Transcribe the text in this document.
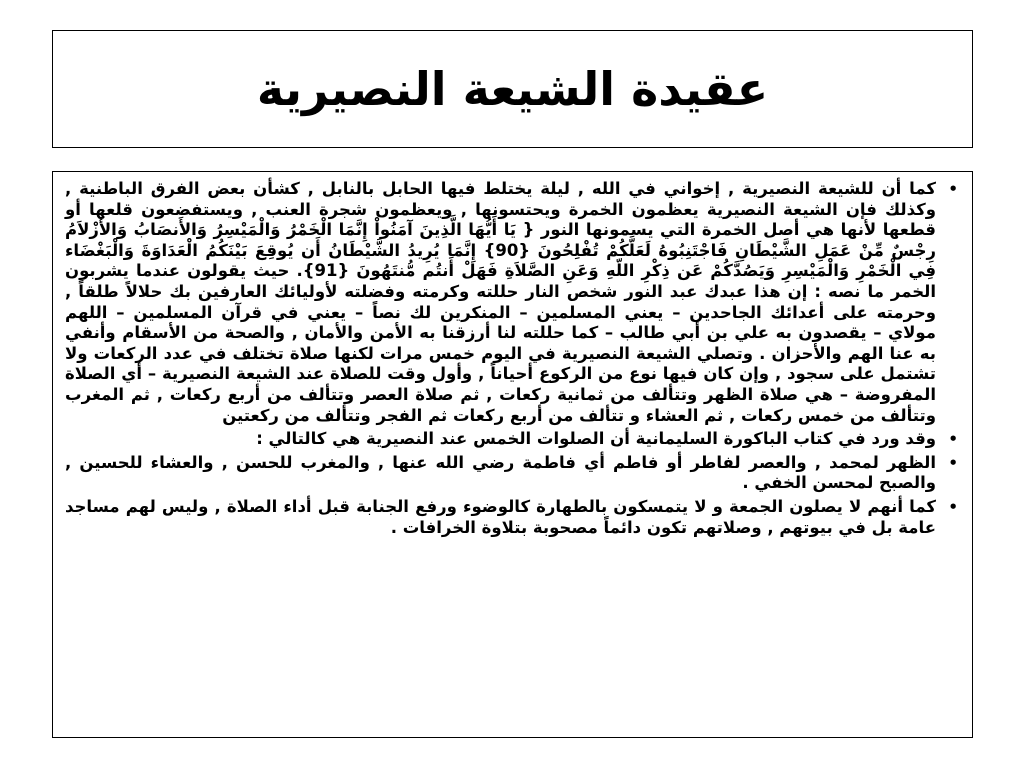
عقيدة الشيعة النصيرية
•
كما أن للشيعة النصيرية , إخواني في الله , ليلة يختلط فيها الحابل بالنابل , كشأن بعض الفرق الباطنية , وكذلك فإن الشيعة النصيرية يعظمون الخمرة ويحتسونها , ويعظمون شجرة العنب , ويستفضعون قلعها أو قطعها لأنها هي أصل الخمرة التي يسمونها النور { يَا أَيُّهَا الَّذِينَ آمَنُواْ إِنَّمَا الْخَمْرُ وَالْمَيْسِرُ وَالأَنصَابُ وَالأَزْلاَمُ رِجْسٌ مِّنْ عَمَلِ الشَّيْطَانِ فَاجْتَنِبُوهُ لَعَلَّكُمْ تُفْلِحُونَ {90} إِنَّمَا يُرِيدُ الشَّيْطَانُ أَن يُوقِعَ بَيْنَكُمُ الْعَدَاوَةَ وَالْبَغْضَاء فِي الْخَمْرِ وَالْمَيْسِرِ وَيَصُدَّكُمْ عَن ذِكْرِ اللّهِ وَعَنِ الصَّلاَةِ فَهَلْ أَنتُم مُّنتَهُونَ {91}. حيث يقولون عندما يشربون الخمر ما نصه : إن هذا عبدك عبد النور شخص النار حللته وكرمته وفضلته لأوليائك العارفين بك حلالاً طلقاً , وحرمته على أعدائك الجاحدين – يعني المسلمين – المنكرين لك نصاً – يعني في قرآن المسلمين – اللهم مولاي – يقصدون به علي بن أبي طالب – كما حللته لنا أرزقنا به الأمن والأمان , والصحة من الأسقام وأنفي به عنا الهم والأحزان . وتصلي الشيعة النصيرية في اليوم خمس مرات لكنها صلاة تختلف في عدد الركعات ولا تشتمل على سجود , وإن كان فيها نوع من الركوع أحياناً , وأول وقت للصلاة عند الشيعة النصيرية – أي الصلاة المفروضة – هي صلاة الظهر وتتألف من ثمانية ركعات , ثم صلاة العصر وتتألف من أربع ركعات , ثم المغرب وتتألف من خمس ركعات , ثم العشاء و تتألف من أربع ركعات ثم الفجر وتتألف من ركعتين
•
وقد ورد في كتاب الباكورة السليمانية أن الصلوات الخمس عند النصيرية هي كالتالي :
•
الظهر لمحمد , والعصر لفاطر أو فاطم أي فاطمة رضي الله عنها , والمغرب للحسن , والعشاء للحسين , والصبح لمحسن الخفي .
•
كما أنهم لا يصلون الجمعة و لا يتمسكون بالطهارة كالوضوء ورفع الجنابة قبل أداء الصلاة , وليس لهم مساجد عامة بل في بيوتهم , وصلاتهم تكون دائماً مصحوبة بتلاوة الخرافات .
